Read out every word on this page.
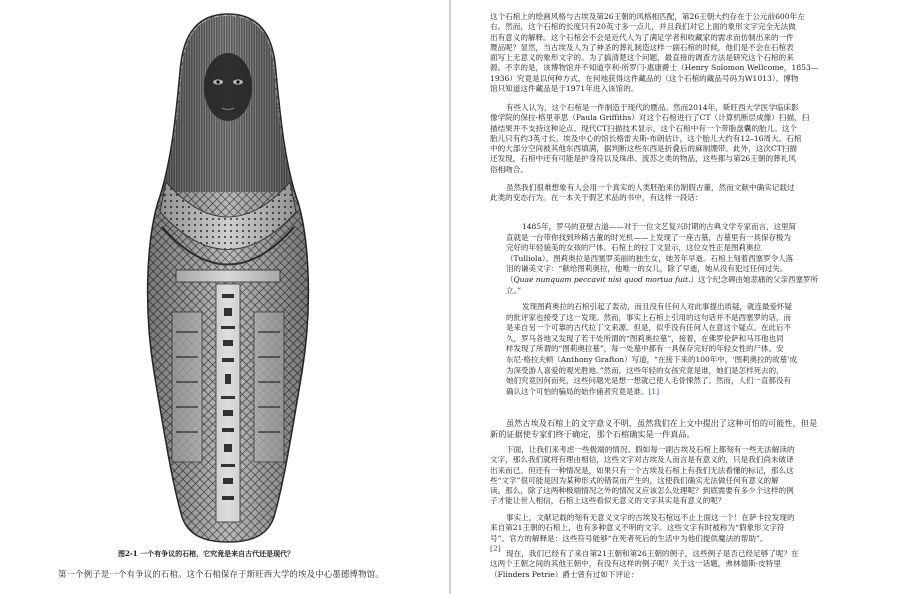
图2-1 一个有争议的石棺，它究竟是来自古代还是现代？
第一个例子是一个有争议的石棺。这个石棺保存于斯旺西大学的埃及中心墨德博物馆。
这个石棺上的绘画风格与古埃及第26王朝的风格相匹配，第26王朝大约存在于公元前600年左
右。然而，这个石棺的长度只有20英寸多一点儿，并且我们对它上面的象形文字完全无法做
出有意义的解释。这个石棺会不会是近代人为了满足学者和收藏家的需求而仿制出来的一件
赝品呢？显然，当古埃及人为了神圣的葬礼制造这样一副石棺的时候，他们是不会在石棺表
面写上无意义的象形文字的。为了搞清楚这个问题，最直接的调查方法是研究这个石棺的来
源。不幸的是，该博物馆并不知道亨利·所罗门·惠康爵士（Henry Solomon Wellcome，1853—
1936）究竟是以何种方式、在何地获得这件藏品的（这个石棺的藏品号码为W1013）。博物
馆只知道这件藏品是于1971年进入该馆的。
有些人认为，这个石棺是一件制造于现代的赝品。然而2014年，斯旺西大学医学临床影
像学院的保拉·格里菲思（Paula Griffiths）对这个石棺进行了CT（计算机断层成像）扫描，扫
描结果并不支持这种论点。现代CT扫描技术显示，这个石棺中有一个带脂盘囊的胎儿。这个
胎儿只有约3英寸长。埃及中心的馆长格雷夫斯-布朗估计，这个胎儿大约有12–16周大。石棺
中的大部分空间被其他东西填满，据判断这些东西是折叠后的麻制绷带。此外，这次CT扫描
还发现，石棺中还有可能是护身符以及珠串、流苏之类的物品，这些都与第26王朝的葬礼风
俗相吻合。
虽然我们很难想象有人会用一个真实的人类胚胎来仿制假古董，然而文献中确实记载过
此类的变态行为。在一本关于假艺术品的书中，有这样一段话：
1485年，罗马的亚壁古道——对于一位文艺复兴时期的古典文学专家而言，这里简
直就是一台带你找到珍稀古董的时光机——上发现了一座古墓，古墓里有一具保存极为
完好的年轻貌美的女孩的尸体。石棺上的拉丁文显示，这位女性正是图莉奥拉
（Tulliola）。图莉奥拉是西塞罗美丽的独生女，她芳年早逝。石棺上刻着西塞罗令人落
泪的谦美文字：“献给图莉奥拉，他唯一的女儿，除了早逝，她从没有犯过任何过失。
（Quae nunquam peccavit nisi quod mortua fuit.）这个纪念碑由她悲痛的父亲西塞罗所
立。”
发现图莉奥拉的石棺引起了轰动，而且没有任何人对此事提出质疑，就连最爱怀疑
的批评家也接受了这一发现。然而，事实上石棺上引用的这句话并不是西塞罗的话，而
是来自另一个可靠的古代拉丁文来源。但是，似乎没有任何人在意这个疑点。在此后不
久，罗马各地又发现了若干处所谓的“图莉奥拉墓”，接着，在佛罗伦萨和马耳他也同
样发现了所谓的“图莉奥拉墓”，每一处墓中都有一具保存完好的年轻女性的尸体。安
东尼·格拉夫顿（Anthony Grafton）写道，“在接下来的100年中，‘图莉奥拉的故墓’成
为深受游人喜爱的观光胜地。”然而，这些年轻的女孩究竟是谁，她们是怎样死去的，
她们究竟因何而死，这些问题光是想一想就已使人毛骨悚然了。然而，人们一直都没有
确认这个可怕的骗局的始作俑者究竟是谁。[1]
虽然古埃及石棺上的文字意义不明，虽然我们在上文中提出了这种可怕的可能性，但是
新的证据使专家们终于确定，那个石棺确实是一件真品。
下面，让我们来考虑一些极端的情况。假如每一副古埃及石棺上都刻有一些无法解读的
文字，那么我们就将有理由相信，这些文字对古埃及人而言是有意义的，只是我们尚未破译
出来而已。但还有一种情况是，如果只有一个古埃及石棺上有我们无法看懂的标记，那么这
些“文字”很可能是因为某种形式的错误而产生的，这使我们确实无法做任何有意义的解
读。那么，除了这两种极端情况之外的情况又应该怎么处理呢？到底需要有多少个这样的例
子才能让世人相信，石棺上这些看似无意义的文字其实是有意义的呢？
事实上，文献记载的刻有无意义文字的古埃及石棺远不止上面这一个！在萨卡拉发现的
来自第21王朝的石棺上，也有多种意义不明的文字。这些文字有时被称为“假象形文字符
号”。官方的解释是：这些符号能够“在死者死后的生活中为他们提供魔法的帮助”。
[2]
现在，我们已经有了来自第21王朝和第26王朝的例子，这些例子是否已经足够了呢？在
这两个王朝之间的其他王朝中，有没有这样的例子呢？关于这一话题，弗林德斯·皮特里
（Flinders Petrie）爵士曾有过如下评论：
